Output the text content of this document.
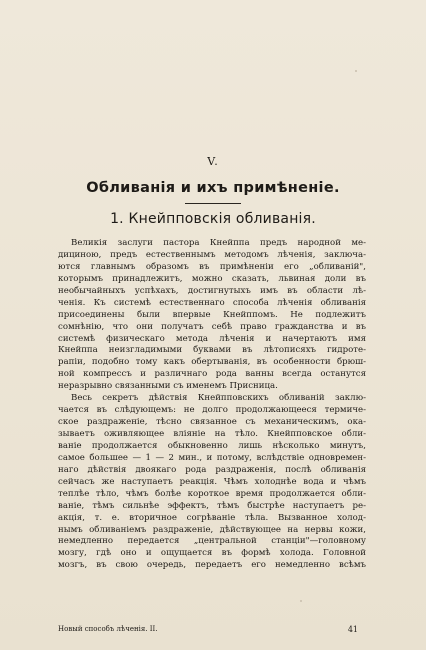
V.
Обливанія и ихъ примѣненіе.
1. Кнейпповскія обливанія.
Великія заслуги пастора Кнейппа предъ народной ме-
дициною, предъ естественнымъ методомъ лѣченія, заключа-
ются главнымъ образомъ въ примѣненіи его „обливаній",
которымъ принадлежитъ, можно сказать, львиная доли въ
необычайныхъ успѣхахъ, достигнутыхъ имъ въ области лѣ-
ченія. Къ системѣ естественнаго способа лѣченія обливанія
присоединены были впервые Кнейппомъ. Не подлежитъ
сомнѣнію, что они получатъ себѣ право гражданства и въ
системѣ физическаго метода лѣченія и начертаютъ имя
Кнейппа неизгладимыми буквами въ лѣтописяхъ гидроте-
рапіи, подобно тому какъ обертыванія, въ особенности брюш-
ной компрессъ и различнаго рода ванны всегда останутся
неразрывно связанными съ именемъ Присница.
Весь секретъ дѣйствія Кнейпповскихъ обливаній заклю-
чается въ слѣдующемъ: не долго продолжающееся термиче-
ское раздраженіе, тѣсно связанное съ механическимъ, ока-
зываетъ оживляющее вліяніе на тѣло. Кнейпповское обли-
ваніе продолжается обыкновенно лишь нѣсколько минутъ,
самое большее — 1 — 2 мин., и потому, вслѣдствіе одновремен-
наго дѣйствія двоякаго рода раздраженія, послѣ обливанія
сейчасъ же наступаетъ реакція. Чѣмъ холоднѣе вода и чѣмъ
теплѣе тѣло, чѣмъ болѣе короткое время продолжается обли-
ваніе, тѣмъ сильнѣе эффектъ, тѣмъ быстрѣе наступаетъ ре-
акція, т. е. вторичное согрѣваніе тѣла. Вызванное холод-
нымъ обливаніемъ раздраженіе, дѣйствующее на нервы кожи,
немедленно передается „центральной станціи"—головному
мозгу, гдѣ оно и ощущается въ формѣ холода. Головной
мозгъ, въ свою очередь, передаетъ его немедленно всѣмъ
Новый способъ лѣченія. II.	41
